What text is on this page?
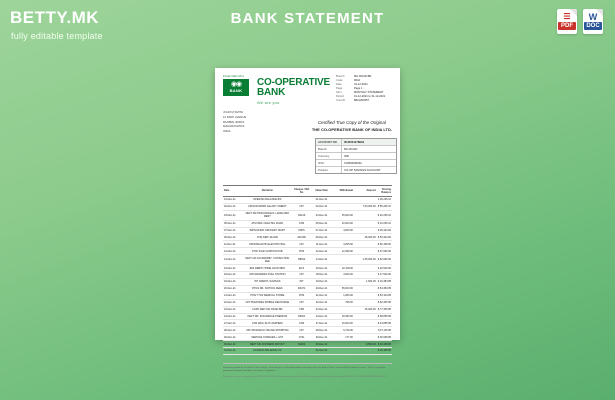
BETTY.MK
fully editable template
BANK STATEMENT	☰
PDF
W
DOC
Kotak Mahindra
◉◉
BANK
CO-OPERATIVE BANK
We are you
Branch	MG ROAD BR
Code	0042
Date	31-12-2021
Page	Page 1
Stmt	MONTHLY STATEMENT
Period	01-12-2021 to 31-12-2021
Cust ID	8841200357
JOHN M SMITH
12 PARK AVENUE
MUMBAI 400001
MAHARASHTRA
INDIA
Certified True Copy of the Original
THE CO-OPERATIVE BANK OF INDIA LTD.
ACCOUNT NO	0042001178934
Branch	MG ROAD
Currency	INR
IFSC	COBI0000042
Product	CO-OP SAVINGS ACCOUNT
Date	Narration	Cheque / Ref No	Value Date	Withdrawal	Deposit	Closing Balance
01-Dec-21	OPENING BALANCE B/F		01-Dec-21			1,05,245.10
02-Dec-21	UPI/204310099/ SALARY CREDIT	UPI	02-Dec-21		7,50,000.00	8,55,245.10
03-Dec-21	NEFT DR-HDFC0000123- LANDLORD RENT	N2129	03-Dec-21	35,000.00		8,20,245.10
05-Dec-21	ATM WDL/ 0042/ MG ROAD	ATM	05-Dec-21	10,000.00		8,10,245.10
07-Dec-21	IMPS/12409/ GROCERY MART	IMPS	07-Dec-21	4,820.50		8,05,424.60
09-Dec-21	CHQ DEP/ 442190	442190	09-Dec-21		48,000.00	8,53,424.60
11-Dec-21	UPI/309411276/ ELECTRIC BILL	UPI	11-Dec-21	3,265.00		8,50,159.60
12-Dec-21	POS/ 5412/ FASHION HUB	POS	12-Dec-21	12,499.00		8,37,660.60
14-Dec-21	NEFT CR-ICIC0000987- CONSULTING FEE	N8812	14-Dec-21		1,25,000.00	9,62,660.60
16-Dec-21	EMI DEBIT/ HOME LOAN 9981	ECS	16-Dec-21	42,118.00		9,20,542.60
18-Dec-21	UPI/441920830/ FUEL STATION	UPI	18-Dec-21	3,000.00		9,17,542.60
19-Dec-21	INT CREDIT- SAVINGS	INT	19-Dec-21		1,842.25	9,19,384.85
20-Dec-21	RTGS DR- SCHOOL FEES	R4471	20-Dec-21	65,000.00		8,54,384.85
21-Dec-21	POS/ 7719/ MEDICAL STORE	POS	21-Dec-21	1,280.00		8,53,104.85
22-Dec-21	UPI/ 551203994/ MOBILE RECHARGE	UPI	22-Dec-21	799.00		8,52,305.85
23-Dec-21	CASH DEP/ MG ROAD BR	CSH	23-Dec-21		25,000.00	8,77,305.85
24-Dec-21	NEFT DR- INSURANCE PREMIUM	N9021	24-Dec-21	18,450.00		8,58,855.85
27-Dec-21	ATM WDL/ 0117/ ANDHERI	ATM	27-Dec-21	15,000.00		8,43,855.85
28-Dec-21	UPI/ 660184221/ ONLINE SHOPPING	UPI	28-Dec-21	6,740.00		8,37,115.85
29-Dec-21	SERVICE CHARGES + GST	CHG	29-Dec-21	177.00		8,36,938.85
30-Dec-21	NEFT CR- DIVIDEND PAYOUT	N1184	30-Dec-21		9,500.00	8,46,438.85
31-Dec-21	CLOSING BALANCE C/F		31-Dec-21			8,46,438.85
Statement printed by the Bank. Unless Entry is found incorrect or disputed within seven days from the date of issue, entries will be treated as correct. This is a computer generated statement and does not require a signature.
For queries contact customer care 1800 000 0042 | The Co-operative Bank of India Ltd. Registered Office: MG Road, Mumbai 400001. CIN: L65110MH1952PLC009871.
